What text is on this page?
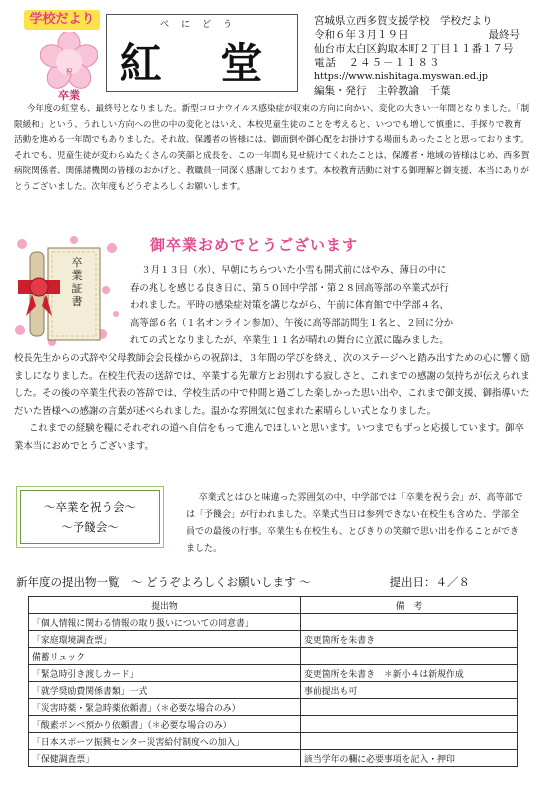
学校だより
祝
卒業
べにどう
紅 堂
宮城県立西多賀支援学校　学校だより
令和６年３月１９日	最終号
仙台市太白区鈎取本町２丁目１１番１７号
電話　２４５－１１８３
https://www.nishitaga.myswan.ed.jp
編集・発行　主幹教諭　千葉
今年度の紅堂も、最終号となりました。新型コロナウイルス感染症が収束の方向に向かい、変化の大きい一年間となりました。「制限緩和」という、うれしい方向への世の中の変化とはいえ、本校児童生徒のことを考えると、いつでも増して慎重に、手探りで教育活動を進める一年間でもありました。それ故、保護者の皆様には、御面倒や御心配をお掛けする場面もあったことと思っております。それでも、児童生徒が変わらぬたくさんの笑顔と成長を、この一年間も見せ続けてくれたことは、保護者・地域の皆様はじめ、西多賀病院関係者、関係諸機関の皆様のおかげと、教職員一同深く感謝しております。本校教育活動に対する御理解と御支援、本当にありがとうございました。次年度もどうぞよろしくお願いします。
卒業証書
御卒業おめでとうございます

３月１３日（水）、早朝にちらついた小雪も開式前にはやみ、薄日の中に

春の兆しを感じる良き日に、第５０回中学部・第２８回高等部の卒業式が行

われました。平時の感染症対策を講じながら、午前に体育館で中学部４名、

高等部６名（１名オンライン参加）、午後に高等部訪問生１名と、２回に分か

れての式となりましたが、卒業生１１名が晴れの舞台に立派に臨みました。

校長先生からの式辞や父母教師会会長様からの祝辞は、３年間の学びを終え、次のステージへと踏み出すための心に響く励ましになりました。在校生代表の送辞では、卒業する先輩方とお別れする寂しさと、これまでの感謝の気持ちが伝えられました。その後の卒業生代表の答辞では、学校生活の中で仲間と過ごした楽しかった思い出や、これまで御支援、御指導いただいた皆様への感謝の言葉が述べられました。温かな雰囲気に包まれた素晴らしい式となりました。

これまでの経験を糧にそれぞれの道へ自信をもって進んでほしいと思います。いつまでもずっと応援しています。御卒業本当におめでとうございます。

～卒業を祝う会～
～予餞会～
卒業式とはひと味違った雰囲気の中、中学部では「卒業を祝う会」が、高等部では「予餞会」が行われました。卒業式当日は参列できない在校生も含めた、学部全員での最後の行事。卒業生も在校生も、とびきりの笑顔で思い出を作ることができました。
新年度の提出物一覧　～ どうぞよろしくお願いします ～	提出日：４／８
提出物	備　考
「個人情報に関わる情報の取り扱いについての同意書」	
「家庭環境調査票」	変更箇所を朱書き
備蓄リュック	
「緊急時引き渡しカード」	変更箇所を朱書き　＊新小４は新規作成
「就学奨励費関係書類」一式	事前提出も可
「災害時薬・緊急時薬依頼書」（＊必要な場合のみ）	
「酸素ボンベ預かり依頼書」（＊必要な場合のみ）	
「日本スポーツ振興センター災害給付制度への加入」	
「保健調査票」	該当学年の欄に必要事項を記入・押印
